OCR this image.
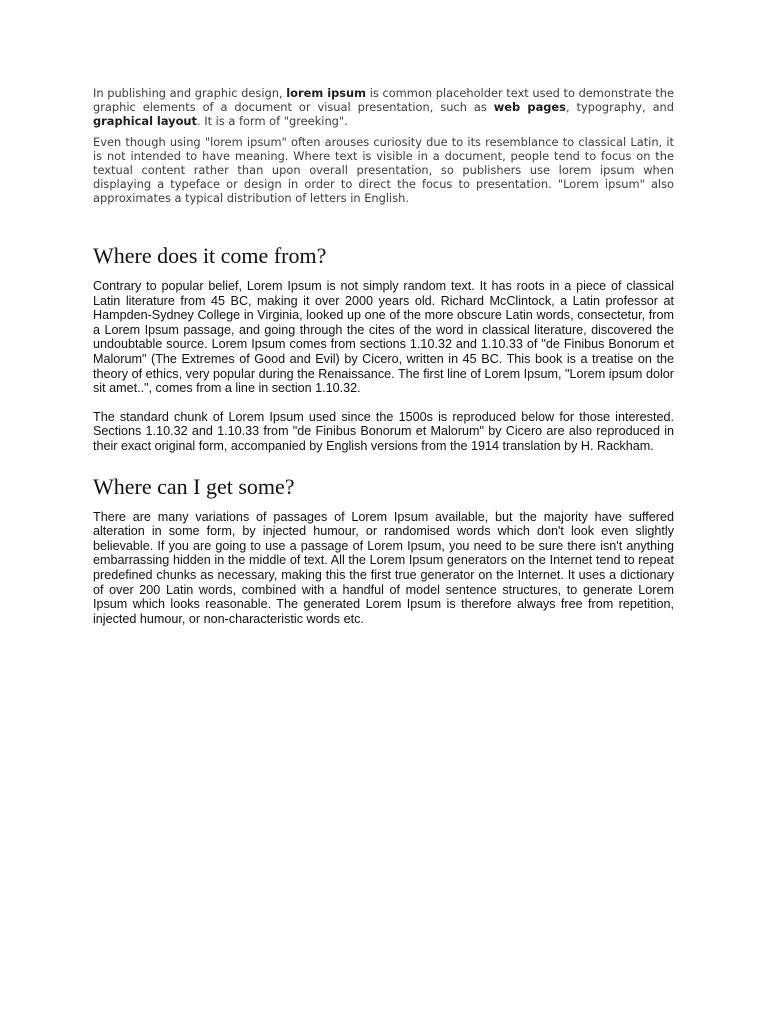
In publishing and graphic design, lorem ipsum is common placeholder text used to demonstrate the graphic elements of a document or visual presentation, such as web pages, typography, and graphical layout. It is a form of "greeking".

Even though using "lorem ipsum" often arouses curiosity due to its resemblance to classical Latin, it is not intended to have meaning. Where text is visible in a document, people tend to focus on the textual content rather than upon overall presentation, so publishers use lorem ipsum when displaying a typeface or design in order to direct the focus to presentation. "Lorem ipsum" also approximates a typical distribution of letters in English.

Where does it come from?

Contrary to popular belief, Lorem Ipsum is not simply random text. It has roots in a piece of classical Latin literature from 45 BC, making it over 2000 years old. Richard McClintock, a Latin professor at Hampden-Sydney College in Virginia, looked up one of the more obscure Latin words, consectetur, from a Lorem Ipsum passage, and going through the cites of the word in classical literature, discovered the undoubtable source. Lorem Ipsum comes from sections 1.10.32 and 1.10.33 of "de Finibus Bonorum et Malorum" (The Extremes of Good and Evil) by Cicero, written in 45 BC. This book is a treatise on the theory of ethics, very popular during the Renaissance. The first line of Lorem Ipsum, "Lorem ipsum dolor sit amet..", comes from a line in section 1.10.32.

The standard chunk of Lorem Ipsum used since the 1500s is reproduced below for those interested. Sections 1.10.32 and 1.10.33 from "de Finibus Bonorum et Malorum" by Cicero are also reproduced in their exact original form, accompanied by English versions from the 1914 translation by H. Rackham.

Where can I get some?

There are many variations of passages of Lorem Ipsum available, but the majority have suffered alteration in some form, by injected humour, or randomised words which don't look even slightly believable. If you are going to use a passage of Lorem Ipsum, you need to be sure there isn't anything embarrassing hidden in the middle of text. All the Lorem Ipsum generators on the Internet tend to repeat predefined chunks as necessary, making this the first true generator on the Internet. It uses a dictionary of over 200 Latin words, combined with a handful of model sentence structures, to generate Lorem Ipsum which looks reasonable. The generated Lorem Ipsum is therefore always free from repetition, injected humour, or non-characteristic words etc.
